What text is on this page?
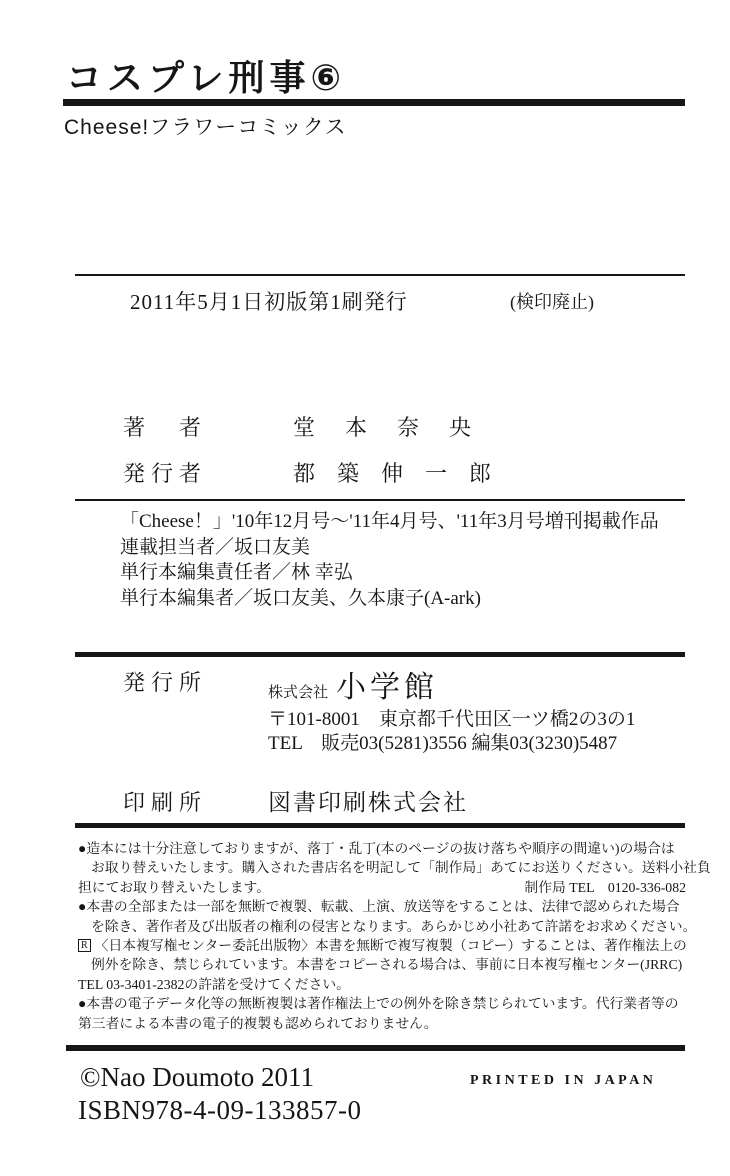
コスプレ刑事⑥
Cheese!フラワーコミックス
2011年5月1日初版第1刷発行	(検印廃止)
著　者	堂本奈央
発行者	都築伸一郎
「Cheese！」'10年12月号〜'11年4月号、'11年3月号増刊掲載作品
連載担当者／坂口友美
単行本編集責任者／林 幸弘
単行本編集者／坂口友美、久本康子(A-ark)
発行所	株式会社 小学館
〒101-8001　東京都千代田区一ツ橋2の3の1
TEL　販売03(5281)3556 編集03(3230)5487
印刷所	図書印刷株式会社
●造本には十分注意しておりますが、落丁・乱丁(本のページの抜け落ちや順序の間違い)の場合は
お取り替えいたします。購入された書店名を明記して「制作局」あてにお送りください。送料小社負
担にてお取り替えいたします。	制作局 TEL　0120-336-082
●本書の全部または一部を無断で複製、転載、上演、放送等をすることは、法律で認められた場合
を除き、著作者及び出版者の権利の侵害となります。あらかじめ小社あて許諾をお求めください。
R 〈日本複写権センター委託出版物〉本書を無断で複写複製（コピー）することは、著作権法上の
例外を除き、禁じられています。本書をコピーされる場合は、事前に日本複写権センター(JRRC)
TEL 03-3401-2382の許諾を受けてください。
●本書の電子データ化等の無断複製は著作権法上での例外を除き禁じられています。代行業者等の
第三者による本書の電子的複製も認められておりません。
©Nao Doumoto 2011	PRINTED IN JAPAN
ISBN978-4-09-133857-0
